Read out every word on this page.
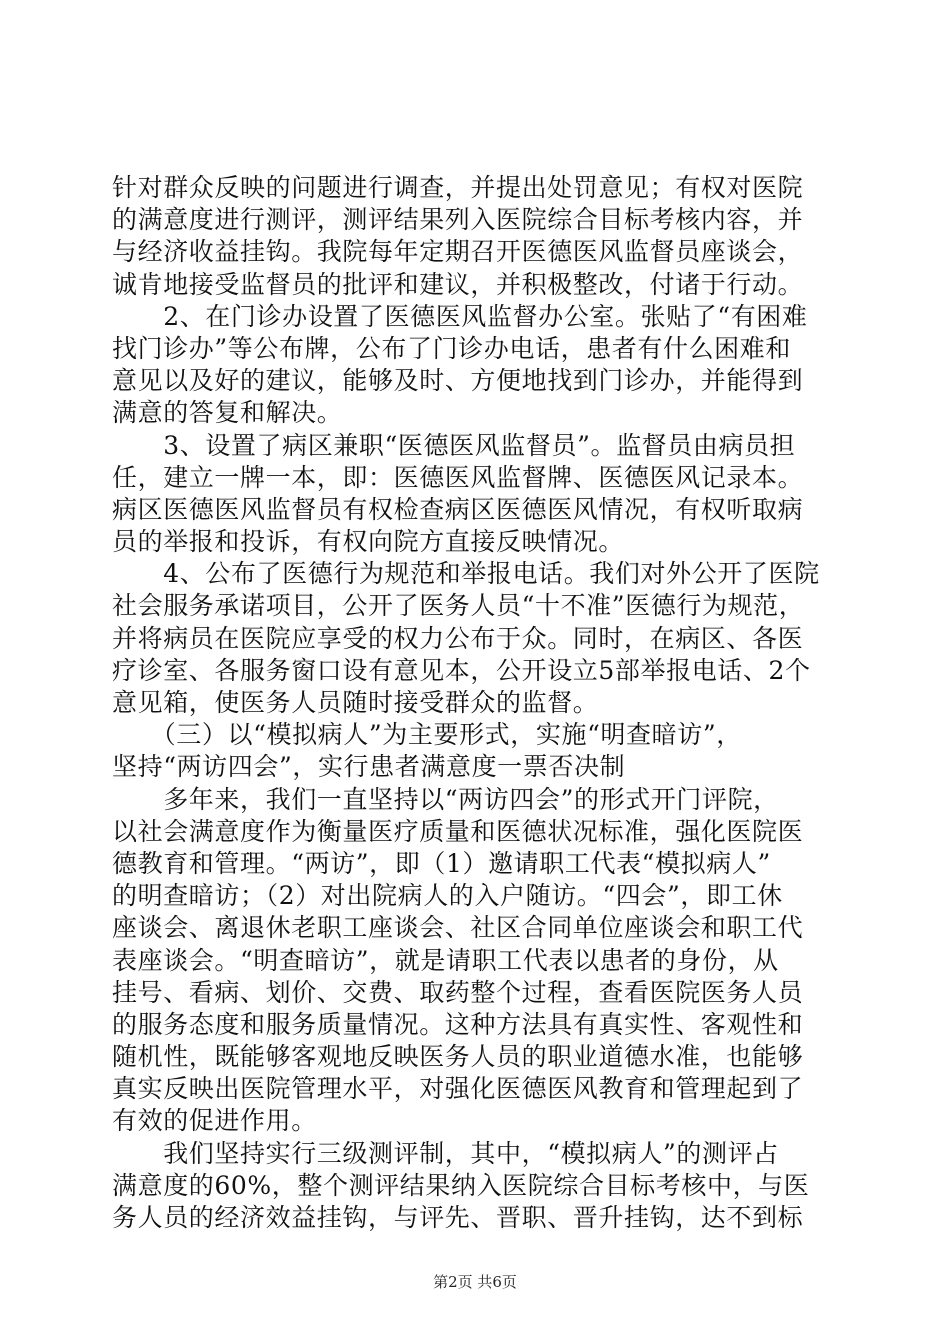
针对群众反映的问题进行调查，并提出处罚意见；有权对医院
的满意度进行测评，测评结果列入医院综合目标考核内容，并
与经济收益挂钩。我院每年定期召开医德医风监督员座谈会，
诚肯地接受监督员的批评和建议，并积极整改，付诸于行动。
　　2、在门诊办设置了医德医风监督办公室。张贴了“有困难
找门诊办”等公布牌，公布了门诊办电话，患者有什么困难和
意见以及好的建议，能够及时、方便地找到门诊办，并能得到
满意的答复和解决。
　　3、设置了病区兼职“医德医风监督员”。监督员由病员担
任，建立一牌一本，即：医德医风监督牌、医德医风记录本。
病区医德医风监督员有权检查病区医德医风情况，有权听取病
员的举报和投诉，有权向院方直接反映情况。
　　4、公布了医德行为规范和举报电话。我们对外公开了医院
社会服务承诺项目，公开了医务人员“十不准”医德行为规范，
并将病员在医院应享受的权力公布于众。同时，在病区、各医
疗诊室、各服务窗口设有意见本，公开设立5部举报电话、2个
意见箱，使医务人员随时接受群众的监督。
　　（三）以“模拟病人”为主要形式，实施“明查暗访”，
坚持“两访四会”，实行患者满意度一票否决制
　　多年来，我们一直坚持以“两访四会”的形式开门评院，
以社会满意度作为衡量医疗质量和医德状况标准，强化医院医
德教育和管理。“两访”，即（1）邀请职工代表“模拟病人”
的明查暗访；（2）对出院病人的入户随访。“四会”，即工休
座谈会、离退休老职工座谈会、社区合同单位座谈会和职工代
表座谈会。“明查暗访”，就是请职工代表以患者的身份，从
挂号、看病、划价、交费、取药整个过程，查看医院医务人员
的服务态度和服务质量情况。这种方法具有真实性、客观性和
随机性，既能够客观地反映医务人员的职业道德水准，也能够
真实反映出医院管理水平，对强化医德医风教育和管理起到了
有效的促进作用。
　　我们坚持实行三级测评制，其中，“模拟病人”的测评占
满意度的60%，整个测评结果纳入医院综合目标考核中，与医
务人员的经济效益挂钩，与评先、晋职、晋升挂钩，达不到标
第2页 共6页
